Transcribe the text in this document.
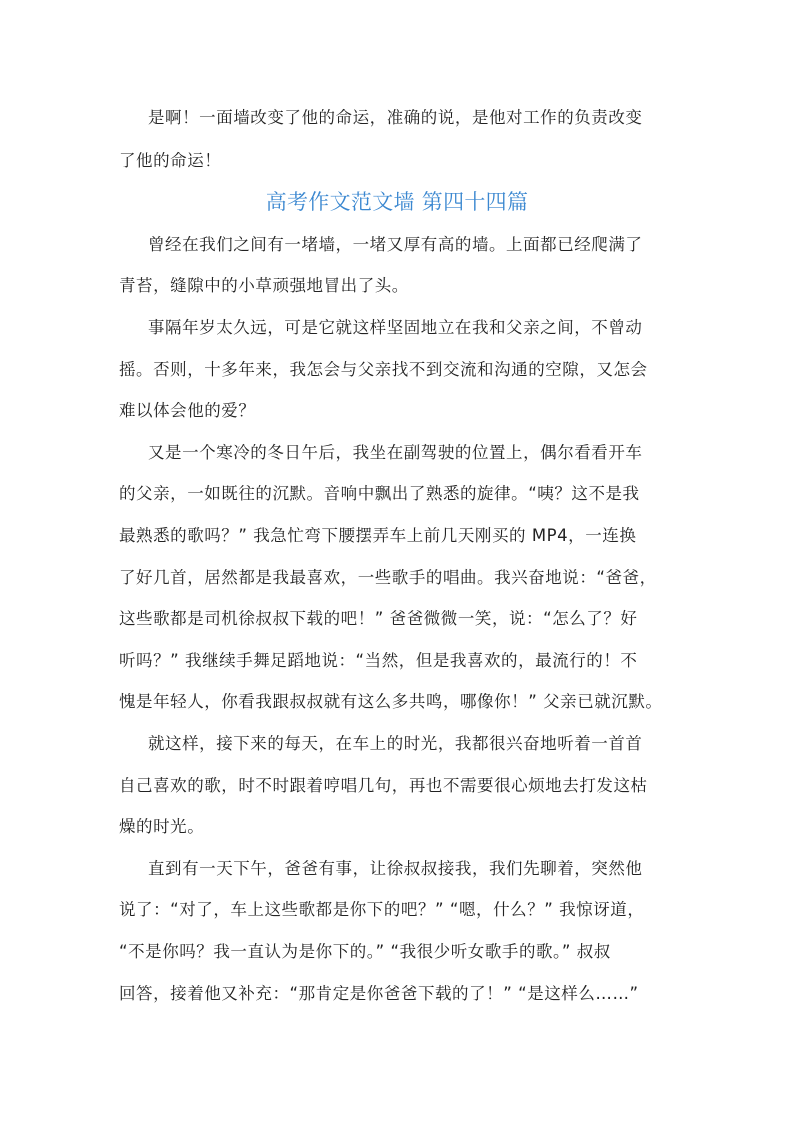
是啊！一面墙改变了他的命运，准确的说，是他对工作的负责改变
了他的命运！
高考作文范文墙 第四十四篇
曾经在我们之间有一堵墙，一堵又厚有高的墙。上面都已经爬满了
青苔，缝隙中的小草顽强地冒出了头。
事隔年岁太久远，可是它就这样坚固地立在我和父亲之间，不曾动
摇。否则，十多年来，我怎会与父亲找不到交流和沟通的空隙，又怎会
难以体会他的爱？
又是一个寒冷的冬日午后，我坐在副驾驶的位置上，偶尔看看开车
的父亲，一如既往的沉默。音响中飘出了熟悉的旋律。“咦？这不是我
最熟悉的歌吗？” 我急忙弯下腰摆弄车上前几天刚买的 MP4，一连换
了好几首，居然都是我最喜欢，一些歌手的唱曲。我兴奋地说：“爸爸，
这些歌都是司机徐叔叔下载的吧！” 爸爸微微一笑，说：“怎么了？好
听吗？” 我继续手舞足蹈地说：“当然，但是我喜欢的，最流行的！不
愧是年轻人，你看我跟叔叔就有这么多共鸣，哪像你！” 父亲已就沉默。
就这样，接下来的每天，在车上的时光，我都很兴奋地听着一首首
自己喜欢的歌，时不时跟着哼唱几句，再也不需要很心烦地去打发这枯
燥的时光。
直到有一天下午，爸爸有事，让徐叔叔接我，我们先聊着，突然他
说了：“对了，车上这些歌都是你下的吧？” “嗯，什么？” 我惊讶道，
“不是你吗？我一直认为是你下的。” “我很少听女歌手的歌。” 叔叔
回答，接着他又补充：“那肯定是你爸爸下载的了！” “是这样么……”
